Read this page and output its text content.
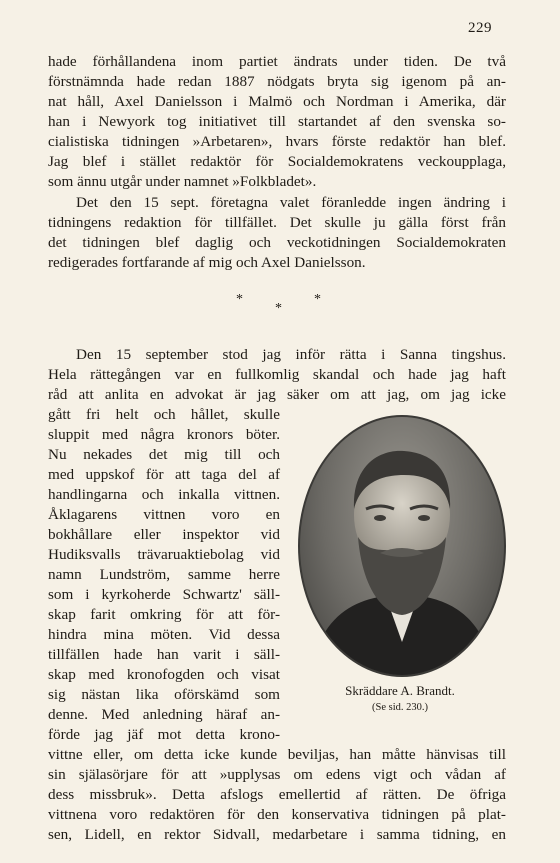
229
hade förhållandena inom partiet ändrats under tiden. De två
förstnämnda hade redan 1887 nödgats bryta sig igenom på an-
nat håll, Axel Danielsson i Malmö och Nordman i Amerika, där
han i Newyork tog initiativet till startandet af den svenska so-
cialistiska tidningen »Arbetaren», hvars förste redaktör han blef.
Jag blef i stället redaktör för Socialdemokratens veckoupplaga,
som ännu utgår under namnet »Folkbladet».
Det den 15 sept. företagna valet föranledde ingen ändring i
tidningens redaktion för tillfället. Det skulle ju gälla först från
det tidningen blef daglig och veckotidningen Socialdemokraten
redigerades fortfarande af mig och Axel Danielsson.
*	*
*
Den 15 september stod jag inför rätta i Sanna tingshus.
Hela rättegången var en fullkomlig skandal och hade jag haft
råd att anlita en advokat är jag säker om att jag, om jag icke
gått fri helt och hållet, skulle
sluppit med några kronors böter.
Nu nekades det mig till och
med uppskof för att taga del af
handlingarna och inkalla vittnen.
Åklagarens vittnen voro en
bokhållare eller inspektor vid
Hudiksvalls trävaruaktiebolag vid
namn Lundström, samme herre
som i kyrkoherde Schwartz' säll-
skap farit omkring för att för-
hindra mina möten. Vid dessa
tillfällen hade han varit i säll-
skap med kronofogden och visat
sig nästan lika oförskämd som
denne. Med anledning häraf an-
förde jag jäf mot detta krono-
vittne eller, om detta icke kunde beviljas, han måtte hänvisas till
sin själasörjare för att »upplysas om edens vigt och vådan af
dess missbruk». Detta afslogs emellertid af rätten. De öfriga
vittnena voro redaktören för den konservativa tidningen på plat-
sen, Lidell, en rektor Sidvall, medarbetare i samma tidning, en
Skräddare A. Brandt.
(Se sid. 230.)
